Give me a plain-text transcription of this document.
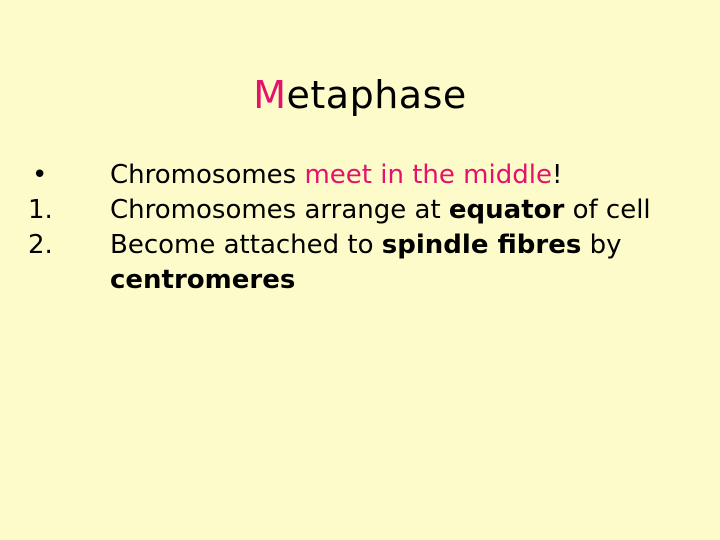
Metaphase
• Chromosomes meet in the middle!
1. Chromosomes arrange at equator of cell
2. Become attached to spindle fibres by centromeres
